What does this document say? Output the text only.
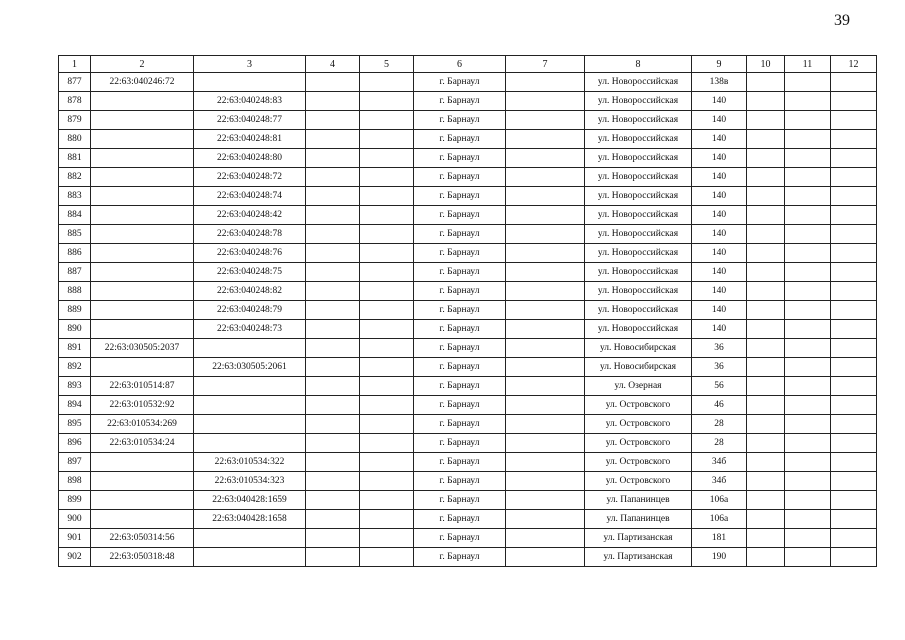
39
1	2	3	4	5	6	7	8	9	10	11	12
877	22:63:040246:72				г. Барнаул		ул. Новороссийская	138в			
878		22:63:040248:83			г. Барнаул		ул. Новороссийская	140			
879		22:63:040248:77			г. Барнаул		ул. Новороссийская	140			
880		22:63:040248:81			г. Барнаул		ул. Новороссийская	140			
881		22:63:040248:80			г. Барнаул		ул. Новороссийская	140			
882		22:63:040248:72			г. Барнаул		ул. Новороссийская	140			
883		22:63:040248:74			г. Барнаул		ул. Новороссийская	140			
884		22:63:040248:42			г. Барнаул		ул. Новороссийская	140			
885		22:63:040248:78			г. Барнаул		ул. Новороссийская	140			
886		22:63:040248:76			г. Барнаул		ул. Новороссийская	140			
887		22:63:040248:75			г. Барнаул		ул. Новороссийская	140			
888		22:63:040248:82			г. Барнаул		ул. Новороссийская	140			
889		22:63:040248:79			г. Барнаул		ул. Новороссийская	140			
890		22:63:040248:73			г. Барнаул		ул. Новороссийская	140			
891	22:63:030505:2037				г. Барнаул		ул. Новосибирская	36			
892		22:63:030505:2061			г. Барнаул		ул. Новосибирская	36			
893	22:63:010514:87				г. Барнаул		ул. Озерная	56			
894	22:63:010532:92				г. Барнаул		ул. Островского	46			
895	22:63:010534:269				г. Барнаул		ул. Островского	28			
896	22:63:010534:24				г. Барнаул		ул. Островского	28			
897		22:63:010534:322			г. Барнаул		ул. Островского	34б			
898		22:63:010534:323			г. Барнаул		ул. Островского	34б			
899		22:63:040428:1659			г. Барнаул		ул. Папанинцев	106а			
900		22:63:040428:1658			г. Барнаул		ул. Папанинцев	106а			
901	22:63:050314:56				г. Барнаул		ул. Партизанская	181			
902	22:63:050318:48				г. Барнаул		ул. Партизанская	190			
